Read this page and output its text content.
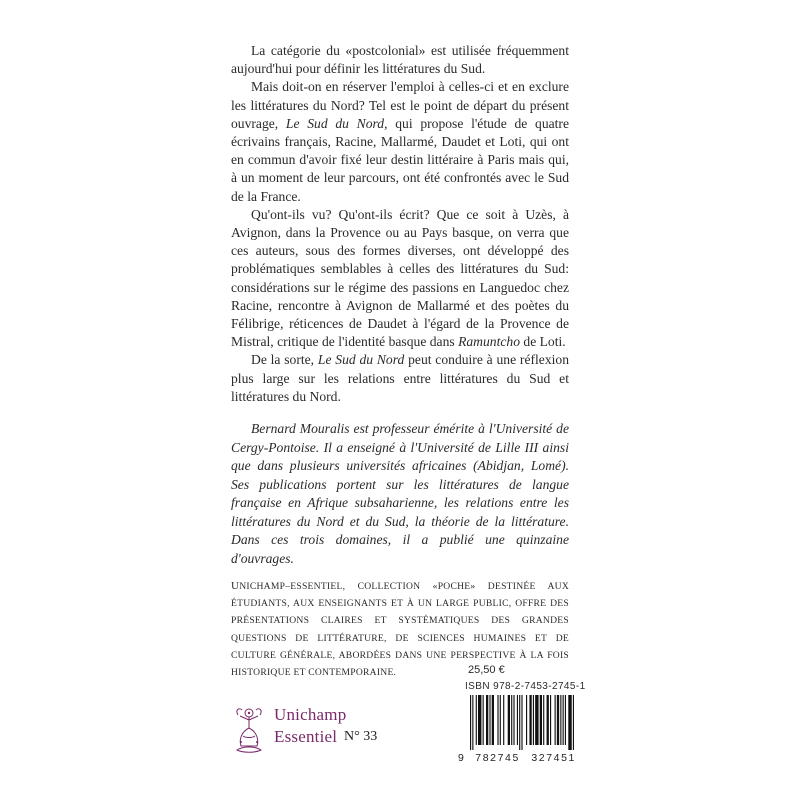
La catégorie du «postcolonial» est utilisée fréquemment aujourd'hui pour définir les littératures du Sud.

Mais doit-on en réserver l'emploi à celles-ci et en exclure les littératures du Nord? Tel est le point de départ du présent ouvrage, Le Sud du Nord, qui propose l'étude de quatre écrivains français, Racine, Mallarmé, Daudet et Loti, qui ont en commun d'avoir fixé leur destin littéraire à Paris mais qui, à un moment de leur parcours, ont été confrontés avec le Sud de la France.

Qu'ont-ils vu? Qu'ont-ils écrit? Que ce soit à Uzès, à Avignon, dans la Provence ou au Pays basque, on verra que ces auteurs, sous des formes diverses, ont développé des problématiques semblables à celles des littératures du Sud: considérations sur le régime des passions en Languedoc chez Racine, rencontre à Avignon de Mallarmé et des poètes du Félibrige, réticences de Daudet à l'égard de la Provence de Mistral, critique de l'identité basque dans Ramuntcho de Loti.

De la sorte, Le Sud du Nord peut conduire à une réflexion plus large sur les relations entre littératures du Sud et littératures du Nord.

Bernard Mouralis est professeur émérite à l'Université de Cergy-Pontoise. Il a enseigné à l'Université de Lille III ainsi que dans plusieurs universités africaines (Abidjan, Lomé). Ses publications portent sur les littératures de langue française en Afrique subsaharienne, les relations entre les littératures du Nord et du Sud, la théorie de la littérature. Dans ces trois domaines, il a publié une quinzaine d'ouvrages.

UNICHAMP–ESSENTIEL, COLLECTION «POCHE» DESTINÉE AUX ÉTUDIANTS, AUX ENSEIGNANTS ET À UN LARGE PUBLIC, OFFRE DES PRÉSENTATIONS CLAIRES ET SYSTÉMATIQUES DES GRANDES QUESTIONS DE LITTÉRATURE, DE SCIENCES HUMAINES ET DE CULTURE GÉNÉRALE, ABORDÉES DANS UNE PERSPECTIVE À LA FOIS HISTORIQUE ET CONTEMPORAINE.	25,50 €
ISBN 978-2-7453-2745-1
9 782745 327451
Unichamp
Essentiel N° 33
